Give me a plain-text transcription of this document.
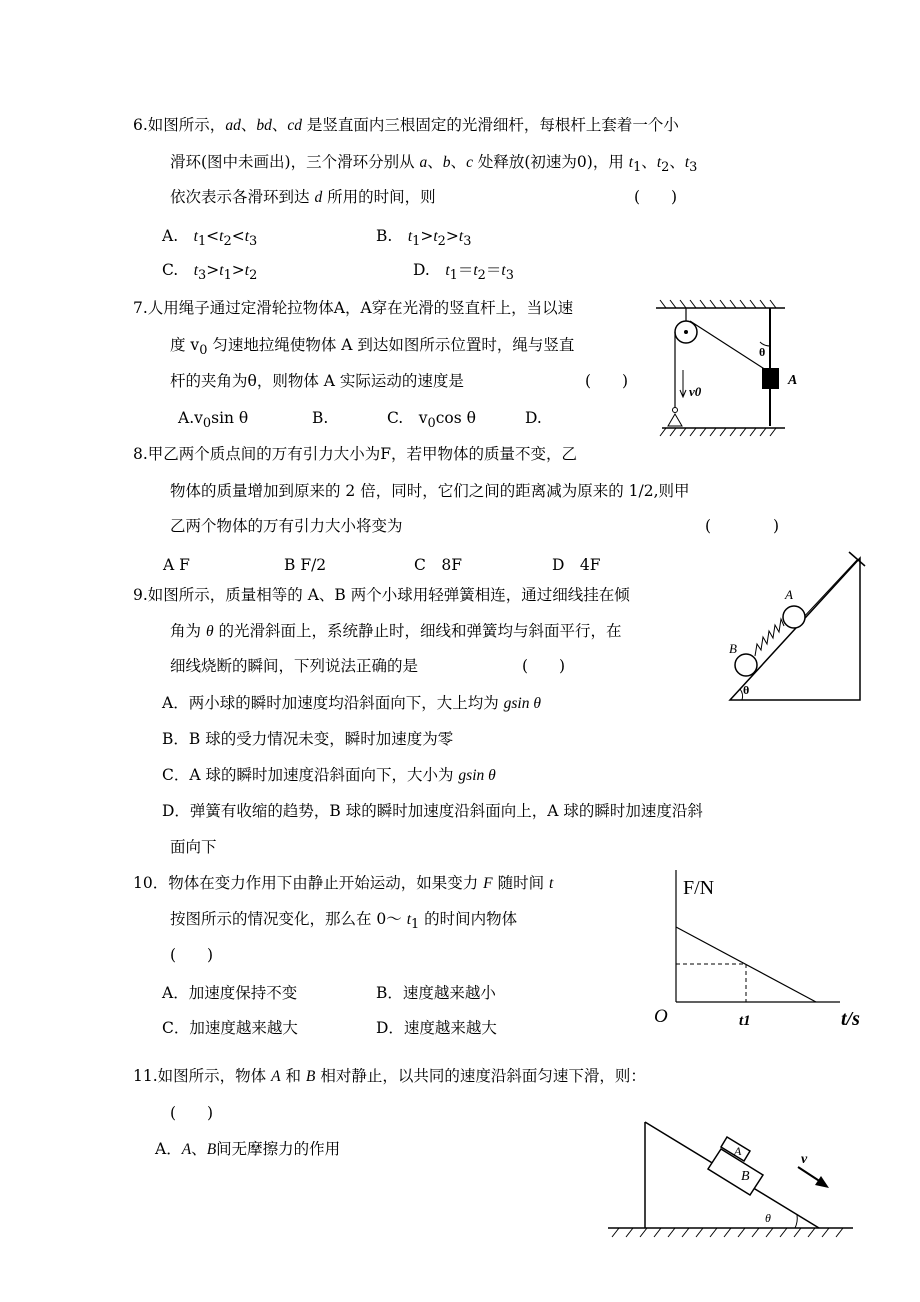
6.如图所示，ad、bd、cd 是竖直面内三根固定的光滑细杆，每根杆上套着一个小
滑环(图中未画出)，三个滑环分别从 a、b、c 处释放(初速为0)，用 $t_1$、$t_2$、$t_3$
依次表示各滑环到达 d 所用的时间，则	(　　)
A.　$t_1<t_2<t_3$	B.　$t_1>t_2>t_3$
C.　$t_3>t_1>t_2$	D.　$t_1=t_2=t_3$
7.人用绳子通过定滑轮拉物体A，A穿在光滑的竖直杆上，当以速
度 $v_0$ 匀速地拉绳使物体 A 到达如图所示位置时，绳与竖直
杆的夹角为θ，则物体 A 实际运动的速度是	(　　)
$A.v_0\sin$ θ	B.	C.　$v_0\cos$ θ	D.
A
θ
v0
8.甲乙两个质点间的万有引力大小为F，若甲物体的质量不变，乙
物体的质量增加到原来的 2 倍，同时，它们之间的距离减为原来的 1/2,则甲
乙两个物体的万有引力大小将变为	(　　　　)
A F	B F/2	C　8F	D　4F
9.如图所示，质量相等的 A、B 两个小球用轻弹簧相连，通过细线挂在倾
角为 θ 的光滑斜面上，系统静止时，细线和弹簧均与斜面平行，在
细线烧断的瞬间，下列说法正确的是	(　　)
A．两小球的瞬时加速度均沿斜面向下，大上均为 gsin θ
B．B 球的受力情况未变，瞬时加速度为零
C．A 球的瞬时加速度沿斜面向下，大小为 gsin θ
D．弹簧有收缩的趋势，B 球的瞬时加速度沿斜面向上，A 球的瞬时加速度沿斜
面向下
A
B
θ
10．物体在变力作用下由静止开始运动，如果变力 F 随时间 t
按图所示的情况变化，那么在 0～ $t_1$ 的时间内物体
(　　)
A．加速度保持不变	B．速度越来越小
C．加速度越来越大	D．速度越来越大
F/N
t/s
O	t1
11.如图所示，物体 A 和 B 相对静止，以共同的速度沿斜面匀速下滑，则：
(　　)
A．A、B间无摩擦力的作用	A
B
v
θ
